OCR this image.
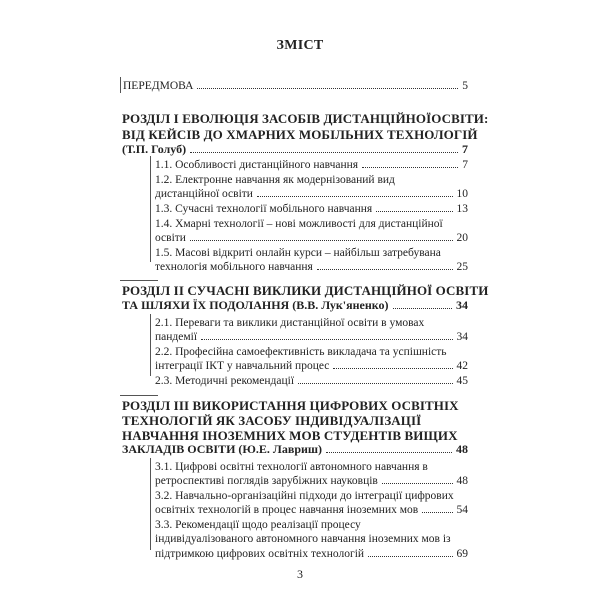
ЗМІСТ
ПЕРЕДМОВА	5
РОЗДІЛ І ЕВОЛЮЦІЯ ЗАСОБІВ ДИСТАНЦІЙНОЇОСВІТИ:
ВІД КЕЙСІВ ДО ХМАРНИХ МОБІЛЬНИХ ТЕХНОЛОГІЙ
(Т.П. Голуб)	7
1.1. Особливості дистанційного навчання	7
1.2. Електронне навчання як модернізований вид
дистанційної освіти	10
1.3. Сучасні технології мобільного навчання	13
1.4. Хмарні технології – нові можливості для дистанційної
освіти	20
1.5. Масові відкриті онлайн курси – найбільш затребувана
технологія мобільного навчання	25
РОЗДІЛ ІІ СУЧАСНІ ВИКЛИКИ ДИСТАНЦІЙНОЇ ОСВІТИ
ТА ШЛЯХИ ЇХ ПОДОЛАННЯ (В.В. Лук'яненко)	34
2.1. Переваги та виклики дистанційної освіти в умовах
пандемії	34
2.2. Професійна самоефективність викладача та успішність
інтеграції ІКТ у навчальний процес	42
2.3. Методичні рекомендації	45
РОЗДІЛ ІІІ ВИКОРИСТАННЯ ЦИФРОВИХ ОСВІТНІХ
ТЕХНОЛОГІЙ ЯК ЗАСОБУ ІНДИВІДУАЛІЗАЦІЇ
НАВЧАННЯ ІНОЗЕМНИХ МОВ СТУДЕНТІВ ВИЩИХ
ЗАКЛАДІВ ОСВІТИ (Ю.Е. Лавриш)	48
3.1. Цифрові освітні технології автономного навчання в
ретроспективі поглядів зарубіжних науковців	48
3.2. Навчально-організаційні підходи до інтеграції цифрових
освітніх технологій в процес навчання іноземних мов	54
3.3. Рекомендації щодо реалізації процесу
індивідуалізованого автономного навчання іноземних мов із
підтримкою цифрових освітніх технологій	69
3
